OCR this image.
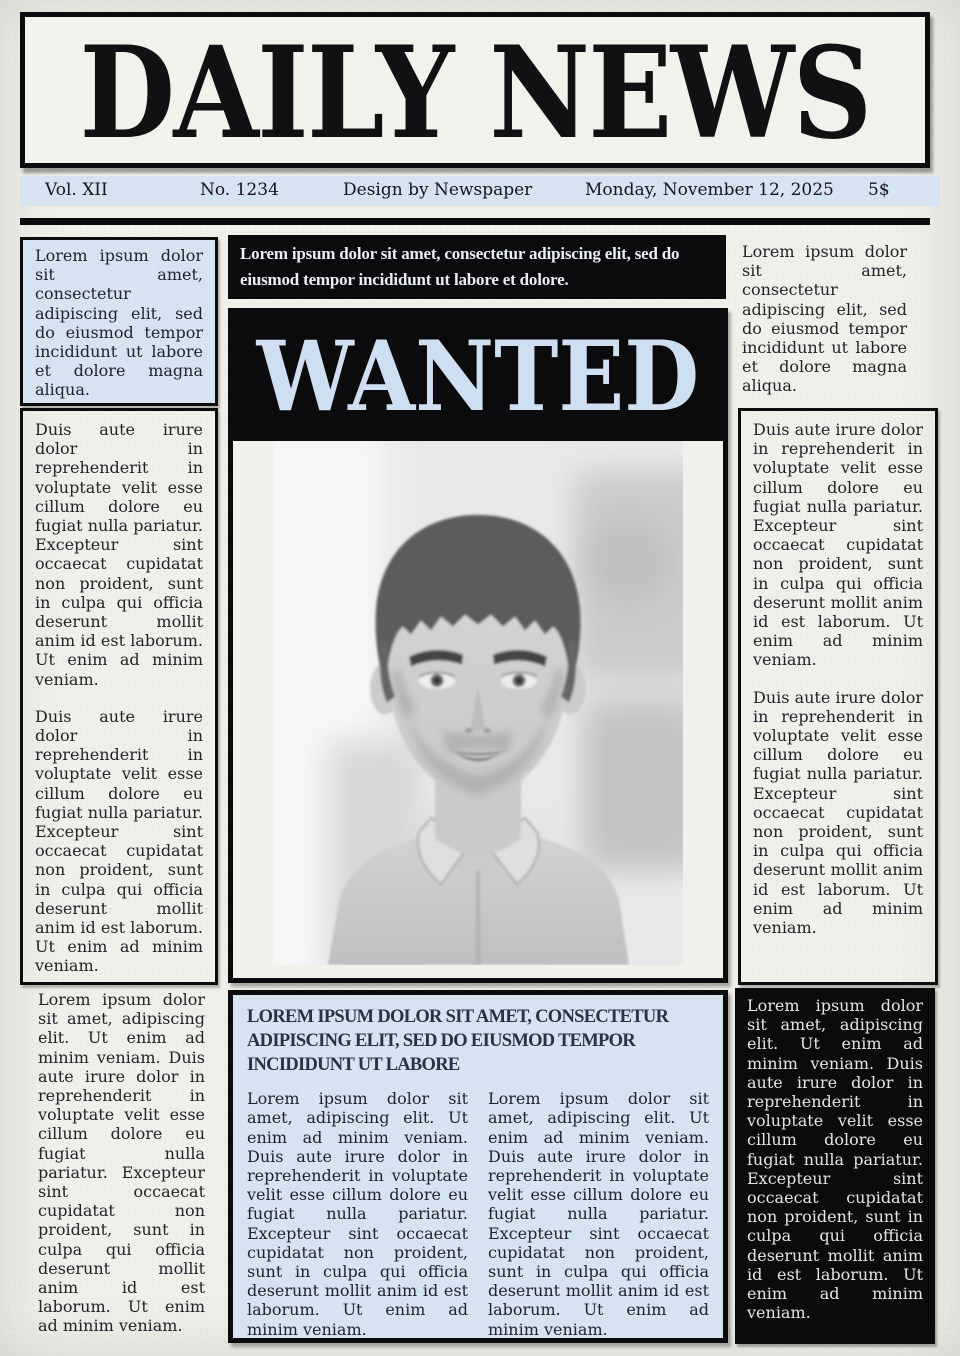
DAILY NEWS
Vol. XII	No. 1234	Design by Newspaper	Monday, November 12, 2025 5$

Lorem ipsum dolor sit amet, consectetur adipiscing elit, sed do eiusmod tempor incididunt ut labore et dolore magna aliqua.

Duis aute irure dolor in reprehenderit in voluptate velit esse cillum dolore eu fugiat nulla pariatur. Excepteur sint occaecat cupidatat non proident, sunt in culpa qui officia deserunt mollit anim id est laborum. Ut enim ad minim veniam.

Duis aute irure dolor in reprehenderit in voluptate velit esse cillum dolore eu fugiat nulla pariatur. Excepteur sint occaecat cupidatat non proident, sunt in culpa qui officia deserunt mollit anim id est laborum. Ut enim ad minim veniam.

Lorem ipsum dolor sit amet, adipiscing elit. Ut enim ad minim veniam. Duis aute irure dolor in reprehenderit in voluptate velit esse cillum dolore eu fugiat nulla pariatur. Excepteur sint occaecat cupidatat non proident, sunt in culpa qui officia deserunt mollit anim id est laborum. Ut enim ad minim veniam.

Lorem ipsum dolor sit amet, consectetur adipiscing elit, sed do eiusmod tempor incididunt ut labore et dolore.
WANTED
LOREM IPSUM DOLOR SIT AMET, CONSECTETUR ADIPISCING ELIT, SED DO EIUSMOD TEMPOR INCIDIDUNT UT LABORE
Lorem ipsum dolor sit amet, adipiscing elit. Ut enim ad minim veniam. Duis aute irure dolor in reprehenderit in voluptate velit esse cillum dolore eu fugiat nulla pariatur. Excepteur sint occaecat cupidatat non proident, sunt in culpa qui officia deserunt mollit anim id est laborum. Ut enim ad minim veniam.
Lorem ipsum dolor sit amet, adipiscing elit. Ut enim ad minim veniam. Duis aute irure dolor in reprehenderit in voluptate velit esse cillum dolore eu fugiat nulla pariatur. Excepteur sint occaecat cupidatat non proident, sunt in culpa qui officia deserunt mollit anim id est laborum. Ut enim ad minim veniam.

Lorem ipsum dolor sit amet, consectetur adipiscing elit, sed do eiusmod tempor incididunt ut labore et dolore magna aliqua.

Duis aute irure dolor in reprehenderit in voluptate velit esse cillum dolore eu fugiat nulla pariatur. Excepteur sint occaecat cupidatat non proident, sunt in culpa qui officia deserunt mollit anim id est laborum. Ut enim ad minim veniam.

Duis aute irure dolor in reprehenderit in voluptate velit esse cillum dolore eu fugiat nulla pariatur. Excepteur sint occaecat cupidatat non proident, sunt in culpa qui officia deserunt mollit anim id est laborum. Ut enim ad minim veniam.

Lorem ipsum dolor sit amet, adipiscing elit. Ut enim ad minim veniam. Duis aute irure dolor in reprehenderit in voluptate velit esse cillum dolore eu fugiat nulla pariatur. Excepteur sint occaecat cupidatat non proident, sunt in culpa qui officia deserunt mollit anim id est laborum. Ut enim ad minim veniam.
